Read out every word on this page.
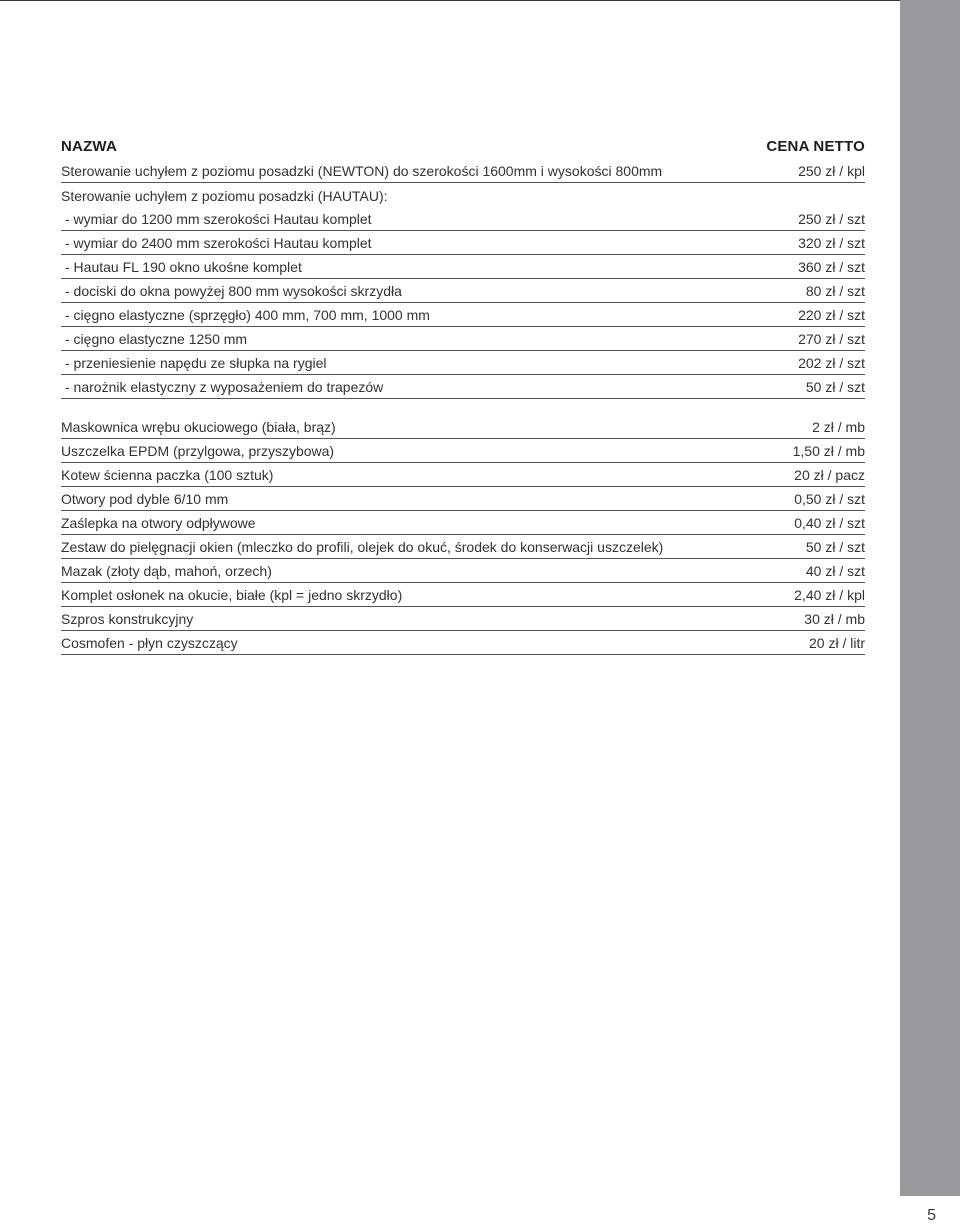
NAZWA	CENA NETTO
Sterowanie uchyłem z poziomu posadzki (NEWTON) do szerokości 1600mm i wysokości 800mm	250 zł / kpl
Sterowanie uchyłem z poziomu posadzki (HAUTAU):
- wymiar do 1200 mm szerokości Hautau komplet	250 zł / szt
- wymiar do 2400 mm szerokości Hautau komplet	320 zł / szt
- Hautau FL 190 okno ukośne komplet	360 zł / szt
- dociski do okna powyżej 800 mm wysokości skrzydła	80 zł / szt
- cięgno elastyczne (sprzęgło) 400 mm, 700 mm, 1000 mm	220 zł / szt
- cięgno elastyczne 1250 mm	270 zł / szt
- przeniesienie napędu ze słupka na rygiel	202 zł / szt
- narożnik elastyczny z wyposażeniem do trapezów	50 zł / szt
Maskownica wrębu okuciowego (biała, brąz)	2 zł / mb
Uszczelka EPDM (przylgowa, przyszybowa)	1,50 zł / mb
Kotew ścienna paczka (100 sztuk)	20 zł / pacz
Otwory pod dyble 6/10 mm	0,50 zł / szt
Zaślepka na otwory odpływowe	0,40 zł / szt
Zestaw do pielęgnacji okien (mleczko do profili, olejek do okuć, środek do konserwacji uszczelek)	50 zł / szt
Mazak (złoty dąb, mahoń, orzech)	40 zł / szt
Komplet osłonek na okucie, białe (kpl = jedno skrzydło)	2,40 zł / kpl
Szpros konstrukcyjny	30 zł / mb
Cosmofen - płyn czyszczący	20 zł / litr
5
